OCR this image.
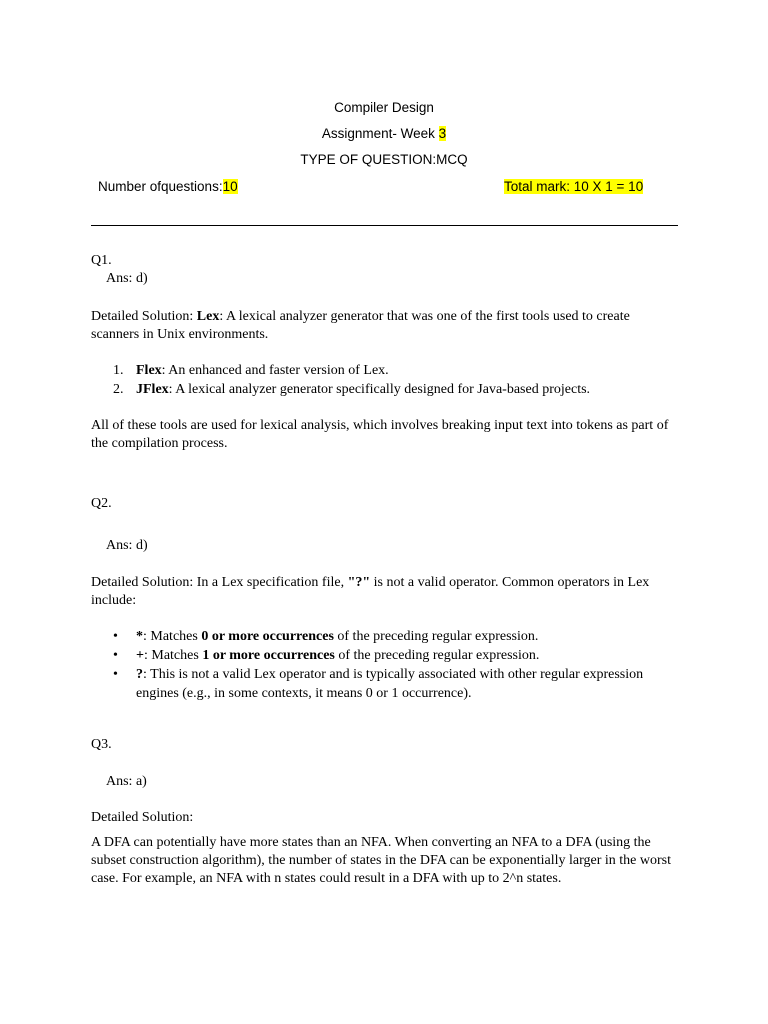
Compiler Design
Assignment- Week 3
TYPE OF QUESTION:MCQ
Number ofquestions:10	Total mark: 10 X 1 = 10
Q1.
Ans: d)
Detailed Solution: Lex: A lexical analyzer generator that was one of the first tools used to create scanners in Unix environments.
1. Flex: An enhanced and faster version of Lex.
2. JFlex: A lexical analyzer generator specifically designed for Java-based projects.
All of these tools are used for lexical analysis, which involves breaking input text into tokens as part of the compilation process.
Q2.
Ans: d)
Detailed Solution: In a Lex specification file, "?" is not a valid operator. Common operators in Lex include:
• *: Matches 0 or more occurrences of the preceding regular expression.
• +: Matches 1 or more occurrences of the preceding regular expression.
• ?: This is not a valid Lex operator and is typically associated with other regular expression engines (e.g., in some contexts, it means 0 or 1 occurrence).
Q3.
Ans: a)
Detailed Solution:
A DFA can potentially have more states than an NFA. When converting an NFA to a DFA (using the subset construction algorithm), the number of states in the DFA can be exponentially larger in the worst case. For example, an NFA with n states could result in a DFA with up to 2^n states.
